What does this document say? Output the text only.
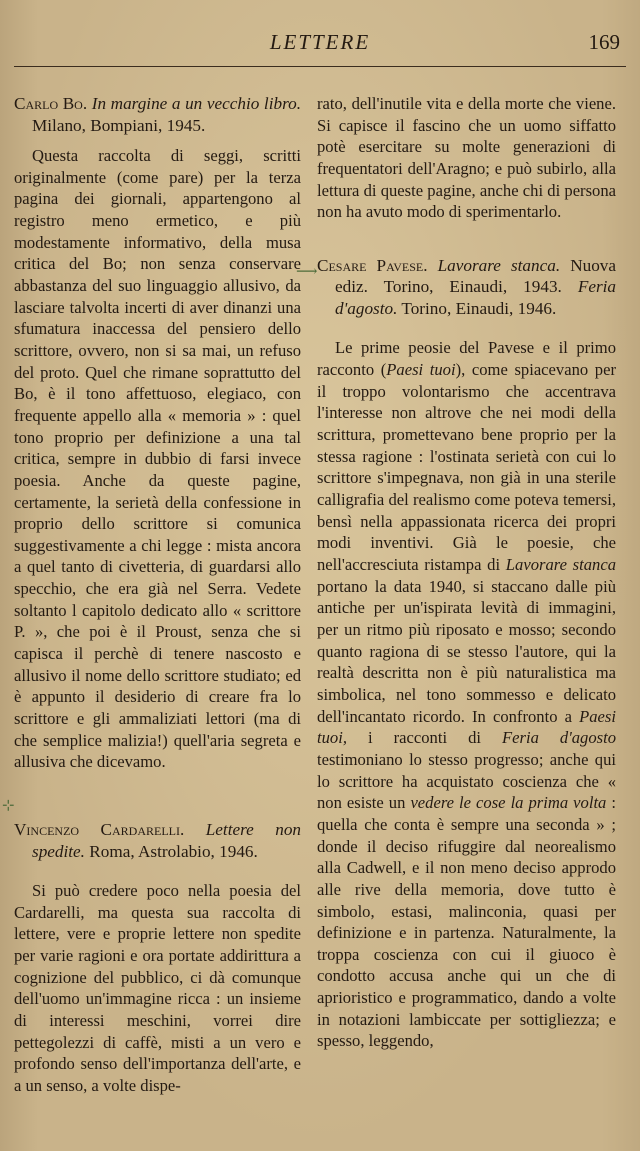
LETTERE	169

Carlo Bo. In margine a un vecchio libro. Milano, Bompiani, 1945.

Questa raccolta di seggi, scritti originalmente (come pare) per la terza pagina dei giornali, appartengono al registro meno ermetico, e più modestamente informativo, della musa critica del Bo; non senza conservare abbastanza del suo linguaggio allusivo, da lasciare talvolta incerti di aver dinanzi una sfumatura inaccessa del pensiero dello scrittore, ovvero, non si sa mai, un refuso del proto. Quel che rimane soprattutto del Bo, è il tono affettuoso, elegiaco, con frequente appello alla « memoria » : quel tono proprio per definizione a una tal critica, sempre in dubbio di farsi invece poesia. Anche da queste pagine, certamente, la serietà della confessione in proprio dello scrittore si comunica suggestivamente a chi legge : mista ancora a quel tanto di civetteria, di guardarsi allo specchio, che era già nel Serra. Vedete soltanto l capitolo dedicato allo « scrittore P. », che poi è il Proust, senza che si capisca il perchè di tenere nascosto e allusivo il nome dello scrittore studiato; ed è appunto il desiderio di creare fra lo scrittore e gli ammaliziati lettori (ma di che semplice malizia!) quell'aria segreta e allusiva che dicevamo.

Vincenzo Cardarelli. Lettere non spedite. Roma, Astrolabio, 1946.

Si può credere poco nella poesia del Cardarelli, ma questa sua raccolta di lettere, vere e proprie lettere non spedite per varie ragioni e ora portate addirittura a cognizione del pubblico, ci dà comunque dell'uomo un'immagine ricca : un insieme di interessi meschini, vorrei dire pettegolezzi di caffè, misti a un vero e profondo senso dell'importanza dell'arte, e a un senso, a volte dispe-

rato, dell'inutile vita e della morte che viene. Si capisce il fascino che un uomo siffatto potè esercitare su molte generazioni di frequentatori dell'Aragno; e può subirlo, alla lettura di queste pagine, anche chi di persona non ha avuto modo di sperimentarlo.

Cesare Pavese. Lavorare stanca. Nuova ediz. Torino, Einaudi, 1943. Feria d'agosto. Torino, Einaudi, 1946.

Le prime peosie del Pavese e il primo racconto (Paesi tuoi), come spiacevano per il troppo volontarismo che accentrava l'interesse non altrove che nei modi della scrittura, promettevano bene proprio per la stessa ragione : l'ostinata serietà con cui lo scrittore s'impegnava, non già in una sterile calligrafia del realismo come poteva temersi, bensì nella appassionata ricerca dei propri modi inventivi. Già le poesie, che nell'accresciuta ristampa di Lavorare stanca portano la data 1940, si staccano dalle più antiche per un'ispirata levità di immagini, per un ritmo più riposato e mosso; secondo quanto ragiona di se stesso l'autore, qui la realtà descritta non è più naturalistica ma simbolica, nel tono sommesso e delicato dell'incantato ricordo. In confronto a Paesi tuoi, i racconti di Feria d'agosto testimoniano lo stesso progresso; anche qui lo scrittore ha acquistato coscienza che « non esiste un vedere le cose la prima volta : quella che conta è sempre una seconda » ; donde il deciso rifuggire dal neorealismo alla Cadwell, e il non meno deciso approdo alle rive della memoria, dove tutto è simbolo, estasi, malinconia, quasi per definizione e in partenza. Naturalmente, la troppa coscienza con cui il giuoco è condotto accusa anche qui un che di aprioristico e programmatico, dando a volte in notazioni lambiccate per sottigliezza; e spesso, leggendo,

⟶
⊹
